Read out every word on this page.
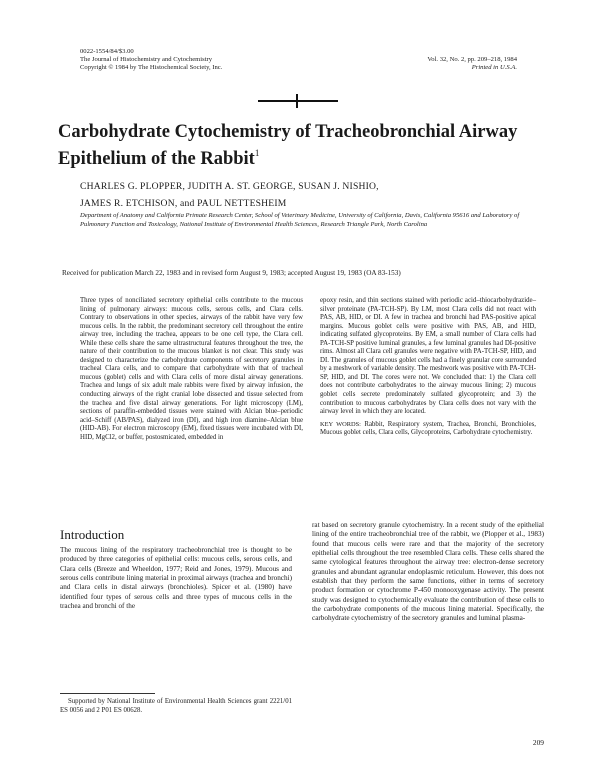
0022-1554/84/$3.00
The Journal of Histochemistry and Cytochemistry
Copyright © 1984 by The Histochemical Society, Inc.
Vol. 32, No. 2, pp. 209–218, 1984
Printed in U.S.A.
Carbohydrate Cytochemistry of Tracheobronchial Airway Epithelium of the Rabbit$^1$
CHARLES G. PLOPPER, JUDITH A. ST. GEORGE, SUSAN J. NISHIO,
JAMES R. ETCHISON, and PAUL NETTESHEIM
Department of Anatomy and California Primate Research Center, School of Veterinary Medicine, University of California, Davis, California 95616 and Laboratory of Pulmonary Function and Toxicology, National Institute of Environmental Health Sciences, Research Triangle Park, North Carolina
Received for publication March 22, 1983 and in revised form August 9, 1983; accepted August 19, 1983 (OA 83-153)

Three types of nonciliated secretory epithelial cells contribute to the mucous lining of pulmonary airways: mucous cells, serous cells, and Clara cells. Contrary to observations in other species, airways of the rabbit have very few mucous cells. In the rabbit, the predominant secretory cell throughout the entire airway tree, including the trachea, appears to be one cell type, the Clara cell. While these cells share the same ultrastructural features throughout the tree, the nature of their contribution to the mucous blanket is not clear. This study was designed to characterize the carbohydrate components of secretory granules in tracheal Clara cells, and to compare that carbohydrate with that of tracheal mucous (goblet) cells and with Clara cells of more distal airway generations. Trachea and lungs of six adult male rabbits were fixed by airway infusion, the conducting airways of the right cranial lobe dissected and tissue selected from the trachea and five distal airway generations. For light microscopy (LM), sections of paraffin-embedded tissues were stained with Alcian blue–periodic acid–Schiff (AB/PAS), dialyzed iron (DI), and high iron diamine–Alcian blue (HID-AB). For electron microscopy (EM), fixed tissues were incubated with DI, HID, MgCl2, or buffer, postosmicated, embedded in

epoxy resin, and thin sections stained with periodic acid–thiocarbohydrazide–silver proteinate (PA-TCH-SP). By LM, most Clara cells did not react with PAS, AB, HID, or DI. A few in trachea and bronchi had PAS-positive apical margins. Mucous goblet cells were positive with PAS, AB, and HID, indicating sulfated glycoproteins. By EM, a small number of Clara cells had PA-TCH-SP positive luminal granules, a few luminal granules had DI-positive rims. Almost all Clara cell granules were negative with PA-TCH-SP, HID, and DI. The granules of mucous goblet cells had a finely granular core surrounded by a meshwork of variable density. The meshwork was positive with PA-TCH-SP, HID, and DI. The cores were not. We concluded that: 1) the Clara cell does not contribute carbohydrates to the airway mucous lining; 2) mucous goblet cells secrete predominately sulfated glycoprotein; and 3) the contribution to mucous carbohydrates by Clara cells does not vary with the airway level in which they are located.

KEY WORDS: Rabbit, Respiratory system, Trachea, Bronchi, Bronchioles, Mucous goblet cells, Clara cells, Glycoproteins, Carbohydrate cytochemistry.

Introduction

The mucous lining of the respiratory tracheobronchial tree is thought to be produced by three categories of epithelial cells: mucous cells, serous cells, and Clara cells (Breeze and Wheeldon, 1977; Reid and Jones, 1979). Mucous and serous cells contribute lining material in proximal airways (trachea and bronchi) and Clara cells in distal airways (bronchioles). Spicer et al. (1980) have identified four types of serous cells and three types of mucous cells in the trachea and bronchi of the

rat based on secretory granule cytochemistry. In a recent study of the epithelial lining of the entire tracheobronchial tree of the rabbit, we (Plopper et al., 1983) found that mucous cells were rare and that the majority of the secretory epithelial cells throughout the tree resembled Clara cells. These cells shared the same cytological features throughout the airway tree: electron-dense secretory granules and abundant agranular endoplasmic reticulum. However, this does not establish that they perform the same functions, either in terms of secretory product formation or cytochrome P-450 monooxygenase activity. The present study was designed to cytochemically evaluate the contribution of these cells to the carbohydrate components of the mucous lining material. Specifically, the carbohydrate cytochemistry of the secretory granules and luminal plasma-

Supported by National Institute of Environmental Health Sciences grant 2221/01 ES 0056 and 2 P01 ES 00628.
209
